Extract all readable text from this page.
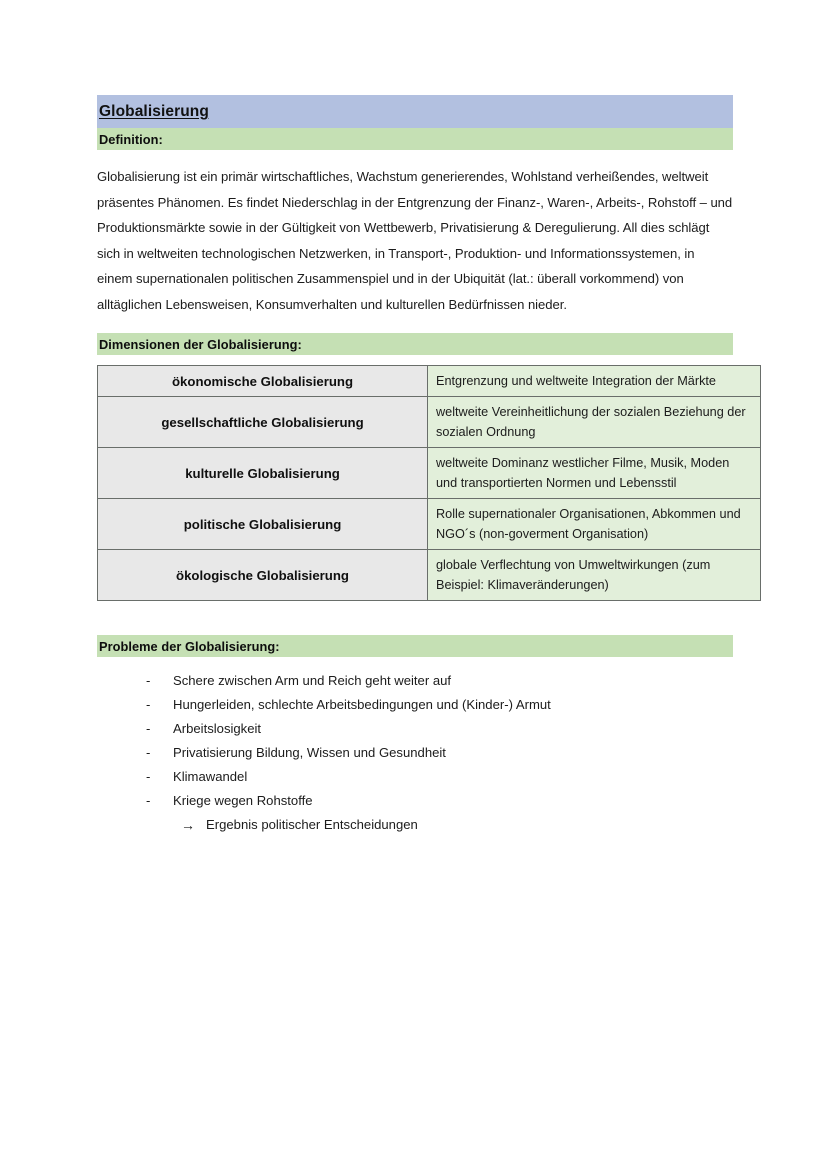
Globalisierung
Definition:
Globalisierung ist ein primär wirtschaftliches, Wachstum generierendes, Wohlstand verheißendes, weltweit präsentes Phänomen. Es findet Niederschlag in der Entgrenzung der Finanz-, Waren-, Arbeits-, Rohstoff – und Produktionsmärkte sowie in der Gültigkeit von Wettbewerb, Privatisierung & Deregulierung. All dies schlägt sich in weltweiten technologischen Netzwerken, in Transport-, Produktion- und Informationssystemen, in einem supernationalen politischen Zusammenspiel und in der Ubiquität (lat.: überall vorkommend) von alltäglichen Lebensweisen, Konsumverhalten und kulturellen Bedürfnissen nieder.
Dimensionen der Globalisierung:
ökonomische Globalisierung	Entgrenzung und weltweite Integration der Märkte
gesellschaftliche Globalisierung	weltweite Vereinheitlichung der sozialen Beziehung der sozialen Ordnung
kulturelle Globalisierung	weltweite Dominanz westlicher Filme, Musik, Moden und transportierten Normen und Lebensstil
politische Globalisierung	Rolle supernationaler Organisationen, Abkommen und NGO´s (non-goverment Organisation)
ökologische Globalisierung	globale Verflechtung von Umweltwirkungen (zum Beispiel: Klimaveränderungen)
Probleme der Globalisierung:
-	Schere zwischen Arm und Reich geht weiter auf
-	Hungerleiden, schlechte Arbeitsbedingungen und (Kinder-) Armut
-	Arbeitslosigkeit
-	Privatisierung Bildung, Wissen und Gesundheit
-	Klimawandel
-	Kriege wegen Rohstoffe
→ Ergebnis politischer Entscheidungen
